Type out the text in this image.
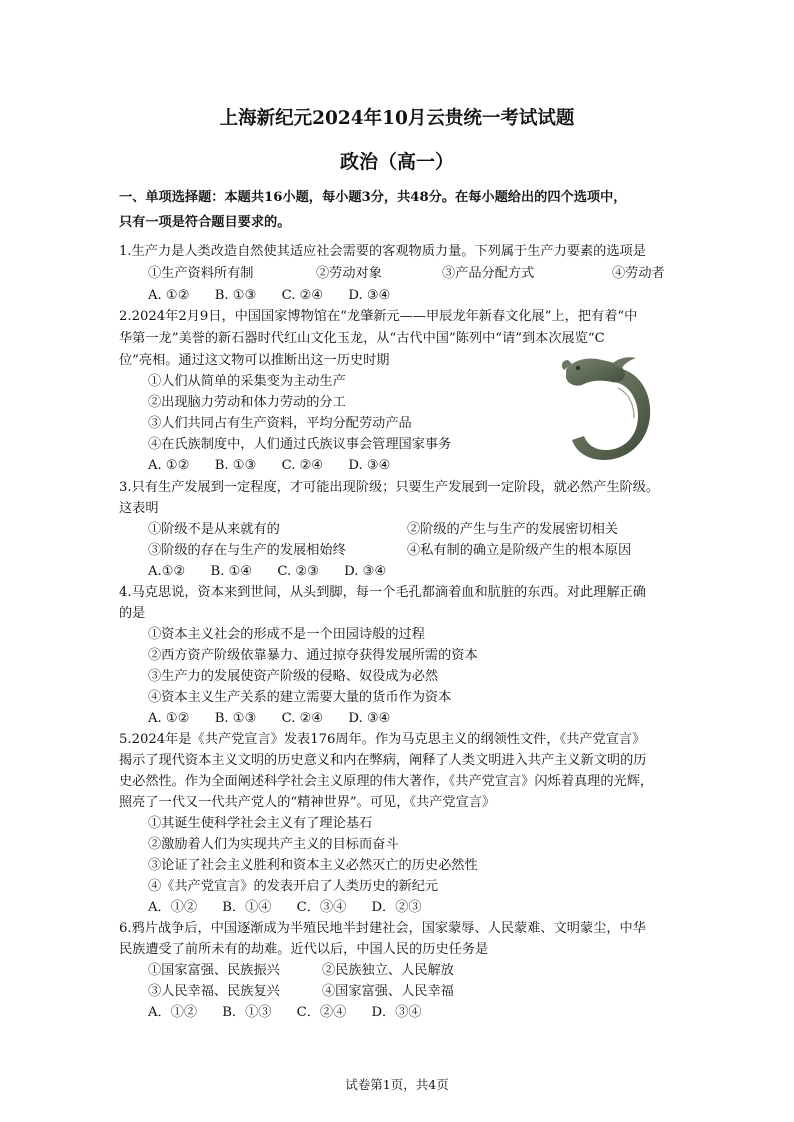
上海新纪元2024年10月云贵统一考试试题
政治（高一）
一、单项选择题：本题共16小题，每小题3分，共48分。在每小题给出的四个选项中，
只有一项是符合题目要求的。
1.生产力是人类改造自然使其适应社会需要的客观物质力量。下列属于生产力要素的选项是
①生产资料所有制	②劳动对象	③产品分配方式	④劳动者
A. ①②      B. ①③      C. ②④      D. ③④
2.2024年2月9日，中国国家博物馆在“龙肇新元——甲辰龙年新春文化展”上，把有着“中
华第一龙”美誉的新石器时代红山文化玉龙，从“古代中国”陈列中“请”到本次展览“C
位”亮相。通过这文物可以推断出这一历史时期
①人们从简单的采集变为主动生产
②出现脑力劳动和体力劳动的分工
③人们共同占有生产资料，平均分配劳动产品
④在氏族制度中，人们通过氏族议事会管理国家事务
A. ①②      B. ①③      C. ②④      D. ③④
3.只有生产发展到一定程度，才可能出现阶级；只要生产发展到一定阶段，就必然产生阶级。
这表明
①阶级不是从来就有的	②阶级的产生与生产的发展密切相关
③阶级的存在与生产的发展相始终	④私有制的确立是阶级产生的根本原因
A.①②      B. ①④      C. ②③      D. ③④
4.马克思说，资本来到世间，从头到脚，每一个毛孔都滴着血和肮脏的东西。对此理解正确
的是
①资本主义社会的形成不是一个田园诗般的过程
②西方资产阶级依靠暴力、通过掠夺获得发展所需的资本
③生产力的发展使资产阶级的侵略、奴役成为必然
④资本主义生产关系的建立需要大量的货币作为资本
A. ①②      B. ①③      C. ②④      D. ③④
5.2024年是《共产党宣言》发表176周年。作为马克思主义的纲领性文件，《共产党宣言》
揭示了现代资本主义文明的历史意义和内在弊病，阐释了人类文明进入共产主义新文明的历
史必然性。作为全面阐述科学社会主义原理的伟大著作，《共产党宣言》闪烁着真理的光辉，
照亮了一代又一代共产党人的“精神世界”。可见，《共产党宣言》
①其诞生使科学社会主义有了理论基石
②激励着人们为实现共产主义的目标而奋斗
③论证了社会主义胜利和资本主义必然灭亡的历史必然性
④《共产党宣言》的发表开启了人类历史的新纪元
A．①②      B．①④      C．③④      D．②③
6.鸦片战争后，中国逐渐成为半殖民地半封建社会，国家蒙辱、人民蒙难、文明蒙尘，中华
民族遭受了前所未有的劫难。近代以后，中国人民的历史任务是
①国家富强、民族振兴	②民族独立、人民解放
③人民幸福、民族复兴	④国家富强、人民幸福
A．①②      B．①③      C．②④      D．③④
试卷第1页，共4页
